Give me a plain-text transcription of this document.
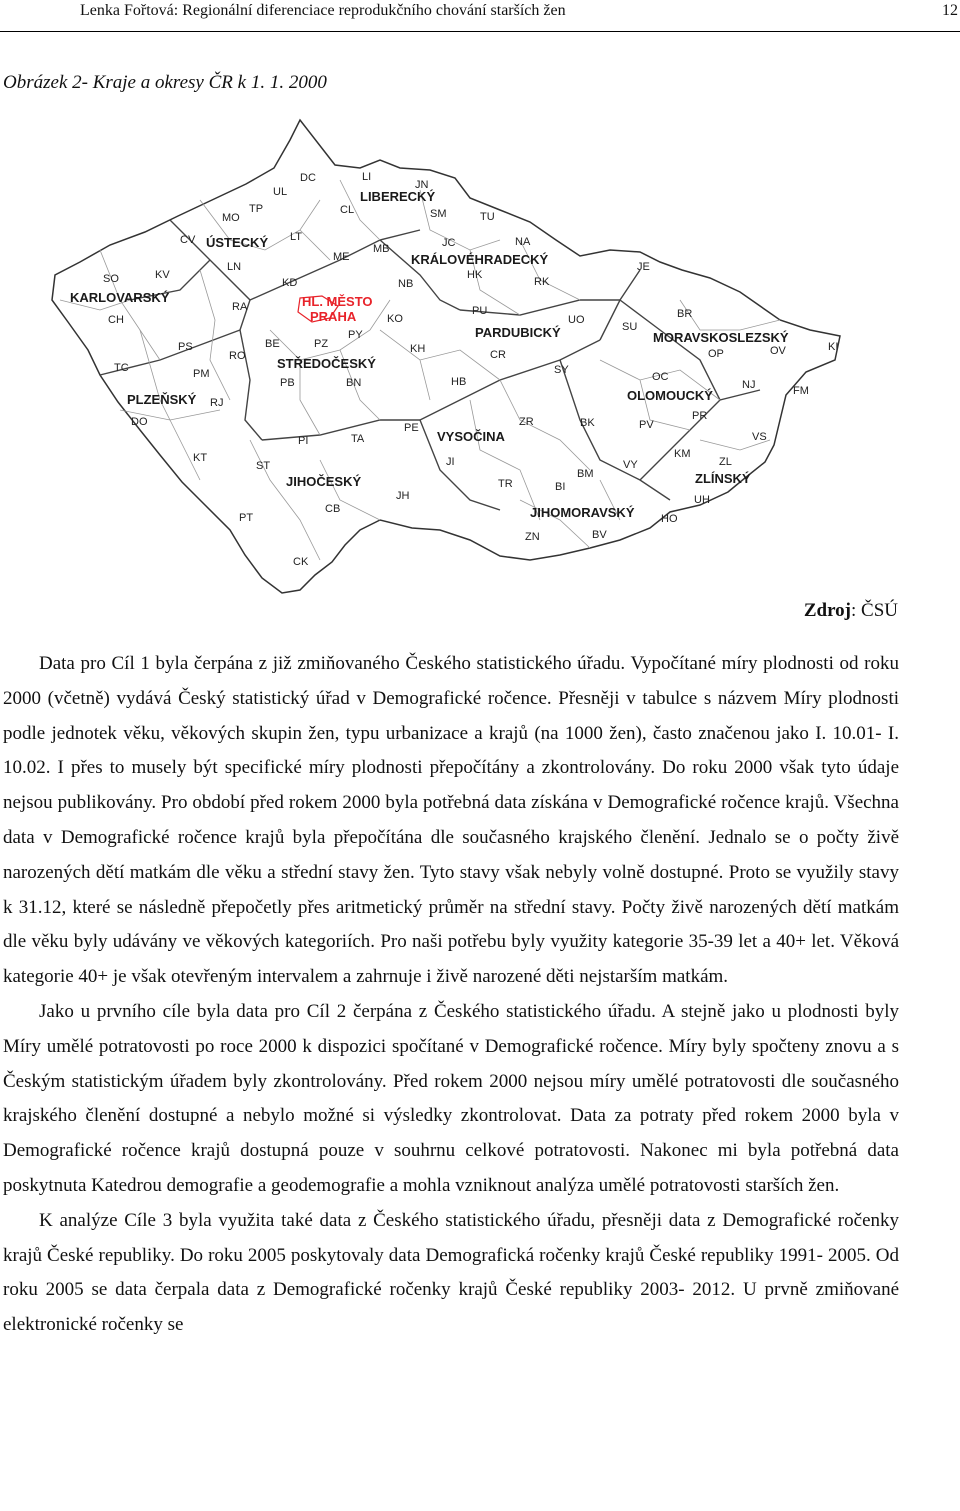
Lenka Fořtová: Regionální diferenciace reprodukčního chování starších žen	12
Obrázek 2- Kraje a okresy ČR k 1. 1. 2000
DC	LI
JN
UL
CL	SM
MO
TP
TU
CV	LT
MB	JC	NA
LN
ME
JE
SO	KV	HK
RK
KD	NB
CH
RA	PU
UO	BR
KO
SU
PY
KI
PS
RO
BE	PZ	KH	CR	OP	OV
TC	PM
PB	BN
SY
OC
NJ	FM
RJ
HB
DO	PE	ZR	BK	PV
PR
PI	TA	VS
KT
ST	JI
KM
VY
BM
ZL
TR	BI
UH
JH
PT
CB
HO
ZN	BV
CK
LIBERECKÝ
ÚSTECKÝ
KRÁLOVÉHRADECKÝ
KARLOVARSKÝ
PARDUBICKÝ	MORAVSKOSLEZSKÝ
STŘEDOČESKÝ
PLZEŇSKÝ	OLOMOUCKÝ
VYSOČINA
ZLÍNSKÝ
JIHOČESKÝ
JIHOMORAVSKÝ
HL. MĚSTO
PRAHA
Zdroj: ČSÚ

Data pro Cíl 1 byla čerpána z již zmiňovaného Českého statistického úřadu. Vypočítané míry plodnosti od roku 2000 (včetně) vydává Český statistický úřad v Demografické ročence. Přesněji v tabulce s názvem Míry plodnosti podle jednotek věku, věkových skupin žen, typu urbanizace a krajů (na 1000 žen), často značenou jako I. 10.01- I. 10.02. I přes to musely být specifické míry plodnosti přepočítány a zkontrolovány. Do roku 2000 však tyto údaje nejsou publikovány. Pro období před rokem 2000 byla potřebná data získána v Demografické ročence krajů. Všechna data v Demografické ročence krajů byla přepočítána dle současného krajského členění. Jednalo se o počty živě narozených dětí matkám dle věku a střední stavy žen. Tyto stavy však nebyly volně dostupné. Proto se využily stavy k 31.12, které se následně přepočetly přes aritmetický průměr na střední stavy. Počty živě narozených dětí matkám dle věku byly udávány ve věkových kategoriích. Pro naši potřebu byly využity kategorie 35-39 let a 40+ let. Věková kategorie 40+ je však otevřeným intervalem a zahrnuje i živě narozené děti nejstarším matkám.

Jako u prvního cíle byla data pro Cíl 2 čerpána z Českého statistického úřadu. A stejně jako u plodnosti byly Míry umělé potratovosti po roce 2000 k dispozici spočítané v Demografické ročence. Míry byly spočteny znovu a s Českým statistickým úřadem byly zkontrolovány. Před rokem 2000 nejsou míry umělé potratovosti dle současného krajského členění dostupné a nebylo možné si výsledky zkontrolovat. Data za potraty před rokem 2000 byla v Demografické ročence krajů dostupná pouze v souhrnu celkové potratovosti. Nakonec mi byla potřebná data poskytnuta Katedrou demografie a geodemografie a mohla vzniknout analýza umělé potratovosti starších žen.

K analýze Cíle 3 byla využita také data z Českého statistického úřadu, přesněji data z Demografické ročenky krajů České republiky. Do roku 2005 poskytovaly data Demografická ročenky krajů České republiky 1991- 2005. Od roku 2005 se data čerpala data z Demografické ročenky krajů České republiky 2003- 2012. U prvně zmiňované elektronické ročenky se
